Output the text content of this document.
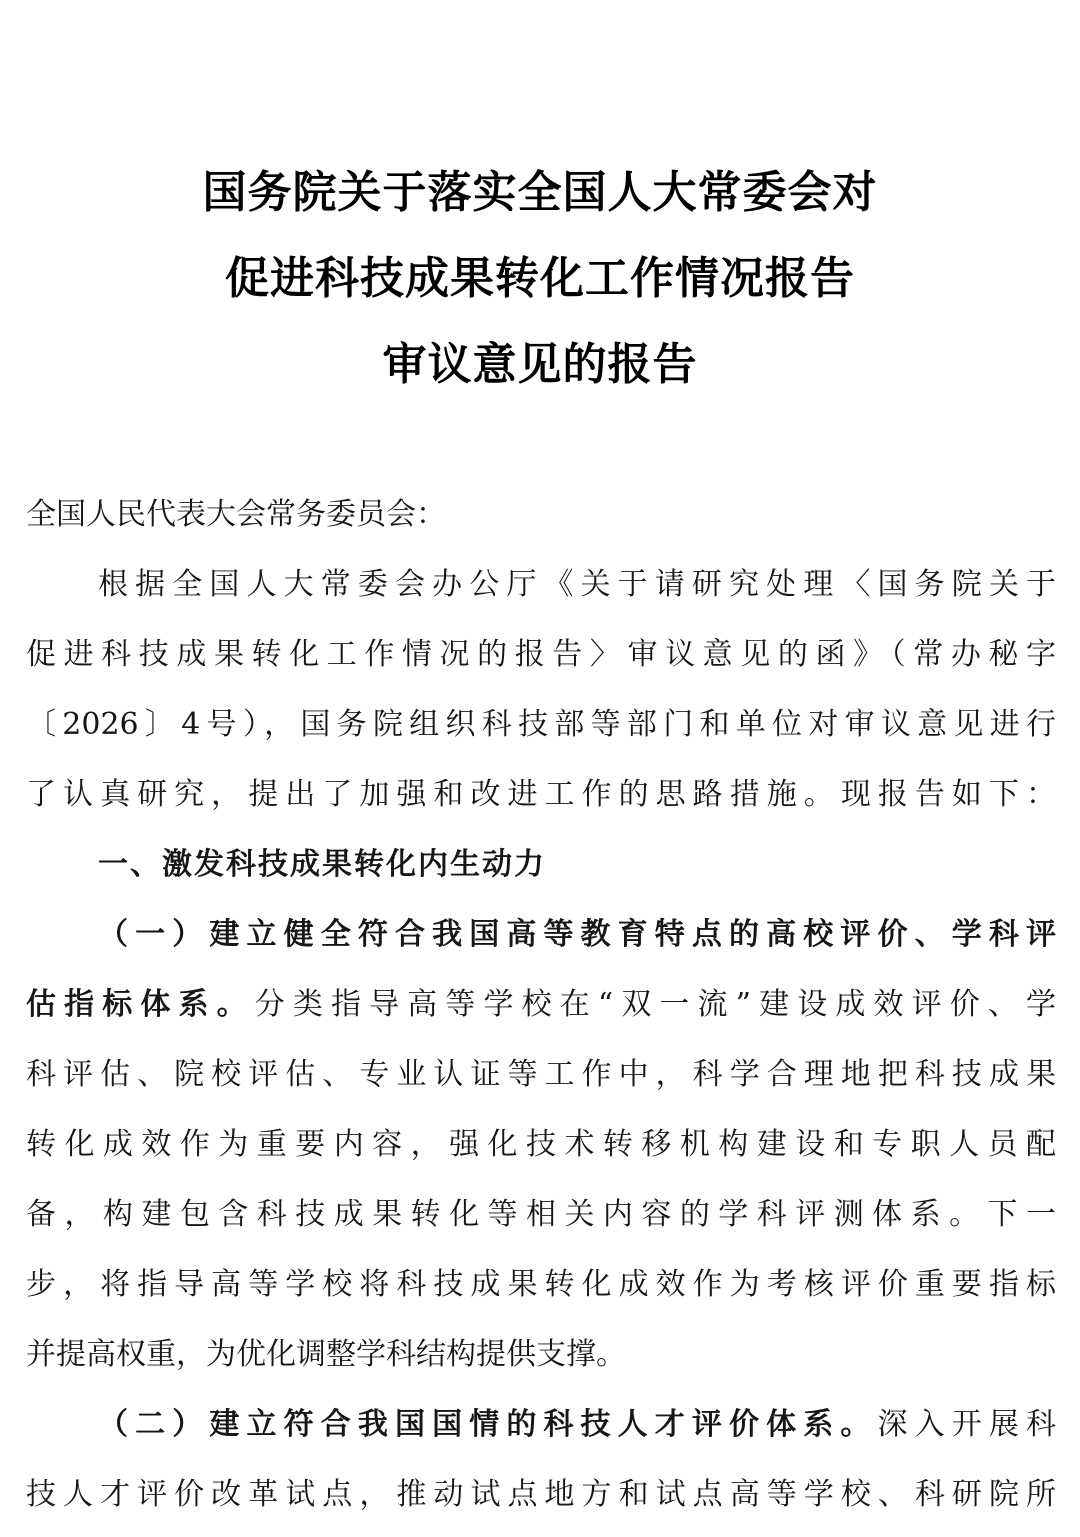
国务院关于落实全国人大常委会对
促进科技成果转化工作情况报告
审议意见的报告
全国人民代表大会常务委员会：
根据全国人大常委会办公厅《关于请研究处理〈国务院关于
促进科技成果转化工作情况的报告〉审议意见的函》（常办秘字
〔2026〕4号），国务院组织科技部等部门和单位对审议意见进行
了认真研究，提出了加强和改进工作的思路措施。现报告如下：
一、激发科技成果转化内生动力
（一）建立健全符合我国高等教育特点的高校评价、学科评
估指标体系。分类指导高等学校在“双一流”建设成效评价、学
科评估、院校评估、专业认证等工作中，科学合理地把科技成果
转化成效作为重要内容，强化技术转移机构建设和专职人员配
备，构建包含科技成果转化等相关内容的学科评测体系。下一
步，将指导高等学校将科技成果转化成效作为考核评价重要指标
并提高权重，为优化调整学科结构提供支撑。
（二）建立符合我国国情的科技人才评价体系。深入开展科
技人才评价改革试点，推动试点地方和试点高等学校、科研院所
